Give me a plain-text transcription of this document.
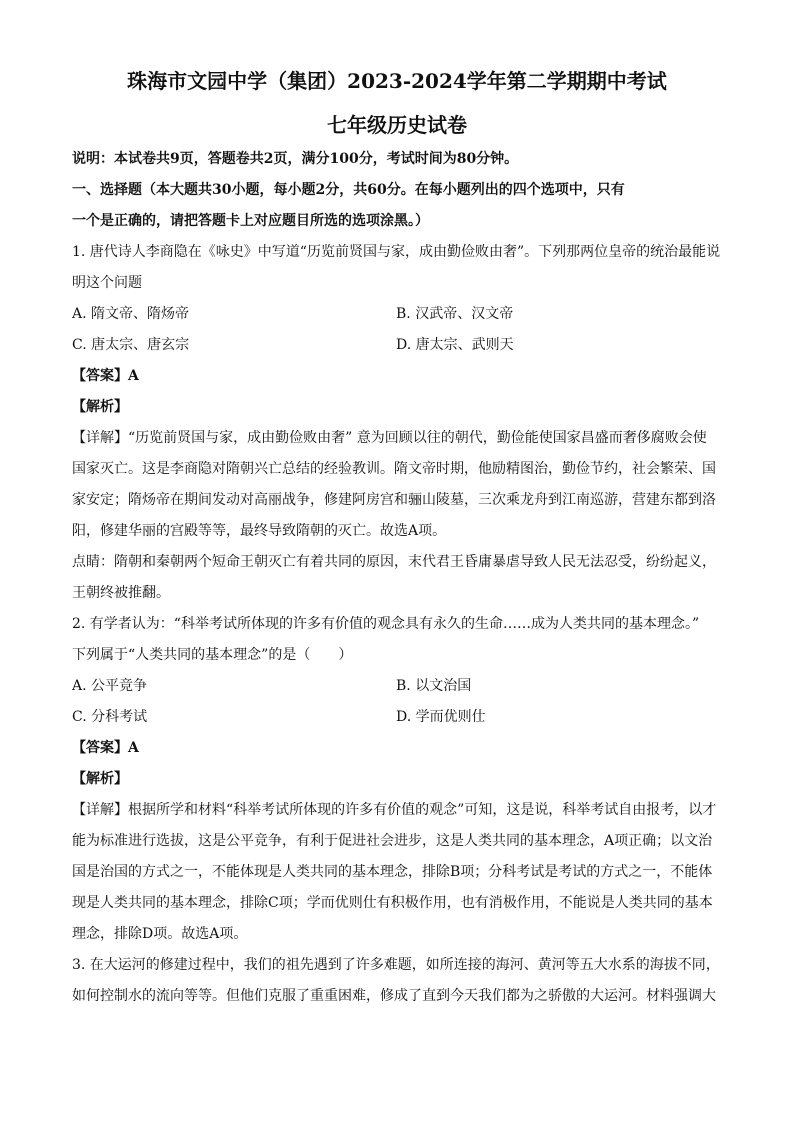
珠海市文园中学（集团）2023-2024学年第二学期期中考试
七年级历史试卷
说明：本试卷共9页，答题卷共2页，满分100分，考试时间为80分钟。
一、选择题（本大题共30小题，每小题2分，共60分。在每小题列出的四个选项中，只有
一个是正确的，请把答题卡上对应题目所选的选项涂黑。）
1. 唐代诗人李商隐在《咏史》中写道“历览前贤国与家，成由勤俭败由奢”。下列那两位皇帝的统治最能说
明这个问题
A. 隋文帝、隋炀帝	B. 汉武帝、汉文帝
C. 唐太宗、唐玄宗	D. 唐太宗、武则天
【答案】A
【解析】
【详解】“历览前贤国与家，成由勤俭败由奢” 意为回顾以往的朝代，勤俭能使国家昌盛而奢侈腐败会使
国家灭亡。这是李商隐对隋朝兴亡总结的经验教训。隋文帝时期，他励精图治，勤俭节约，社会繁荣、国
家安定；隋炀帝在期间发动对高丽战争，修建阿房宫和骊山陵墓，三次乘龙舟到江南巡游，营建东都到洛
阳，修建华丽的宫殿等等，最终导致隋朝的灭亡。故选A项。
点睛：隋朝和秦朝两个短命王朝灭亡有着共同的原因，末代君王昏庸暴虐导致人民无法忍受，纷纷起义，
王朝终被推翻。
2. 有学者认为：“科举考试所体现的许多有价值的观念具有永久的生命……成为人类共同的基本理念。”
下列属于“人类共同的基本理念”的是（　　）
A. 公平竞争	B. 以文治国
C. 分科考试	D. 学而优则仕
【答案】A
【解析】
【详解】根据所学和材料“科举考试所体现的许多有价值的观念”可知，这是说，科举考试自由报考，以才
能为标准进行选拔，这是公平竞争，有利于促进社会进步，这是人类共同的基本理念，A项正确；以文治
国是治国的方式之一，不能体现是人类共同的基本理念，排除B项；分科考试是考试的方式之一，不能体
现是人类共同的基本理念，排除C项；学而优则仕有积极作用，也有消极作用，不能说是人类共同的基本
理念，排除D项。故选A项。
3. 在大运河的修建过程中，我们的祖先遇到了许多难题，如所连接的海河、黄河等五大水系的海拔不同，
如何控制水的流向等等。但他们克服了重重困难，修成了直到今天我们都为之骄傲的大运河。材料强调大
